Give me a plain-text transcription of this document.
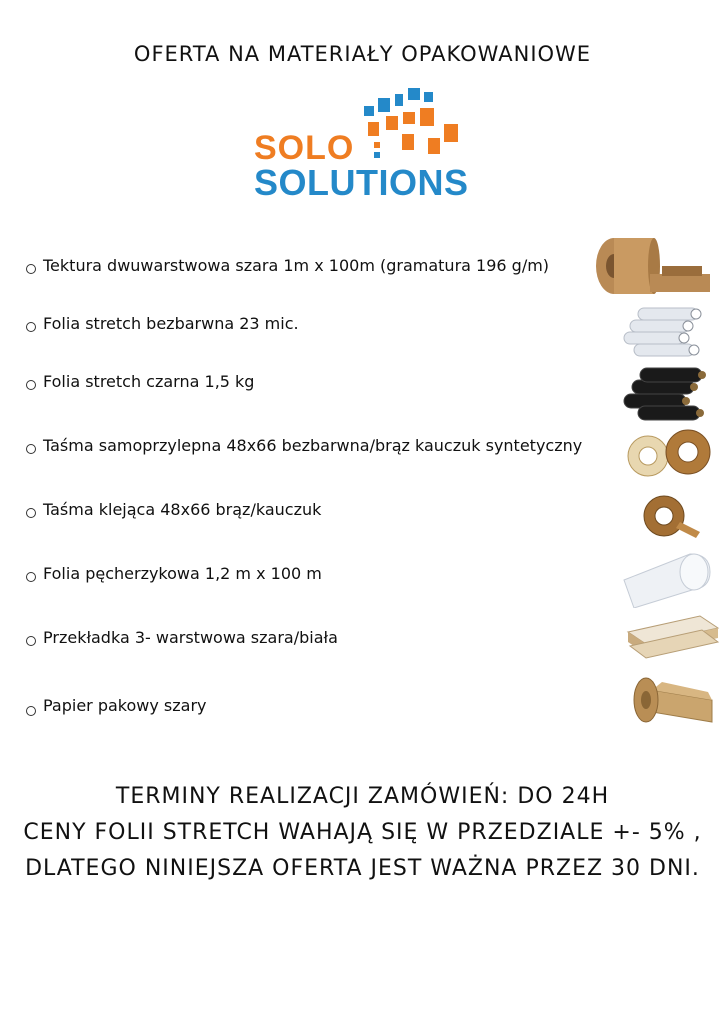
OFERTA NA MATERIAŁY OPAKOWANIOWE
SOLO
SOLUTIONS
Tektura dwuwarstwowa szara 1m x 100m (gramatura 196 g/m)
Folia stretch bezbarwna 23 mic.
Folia stretch czarna 1,5 kg
Taśma samoprzylepna 48x66 bezbarwna/brąz kauczuk syntetyczny
Taśma klejąca 48x66 brąz/kauczuk
Folia pęcherzykowa 1,2 m x 100 m
Przekładka 3- warstwowa szara/biała
Papier pakowy szary
TERMINY REALIZACJI ZAMÓWIEŃ: DO 24H
CENY FOLII STRETCH WAHAJĄ SIĘ W PRZEDZIALE +- 5% ,
DLATEGO NINIEJSZA OFERTA JEST WAŻNA PRZEZ 30 DNI.
